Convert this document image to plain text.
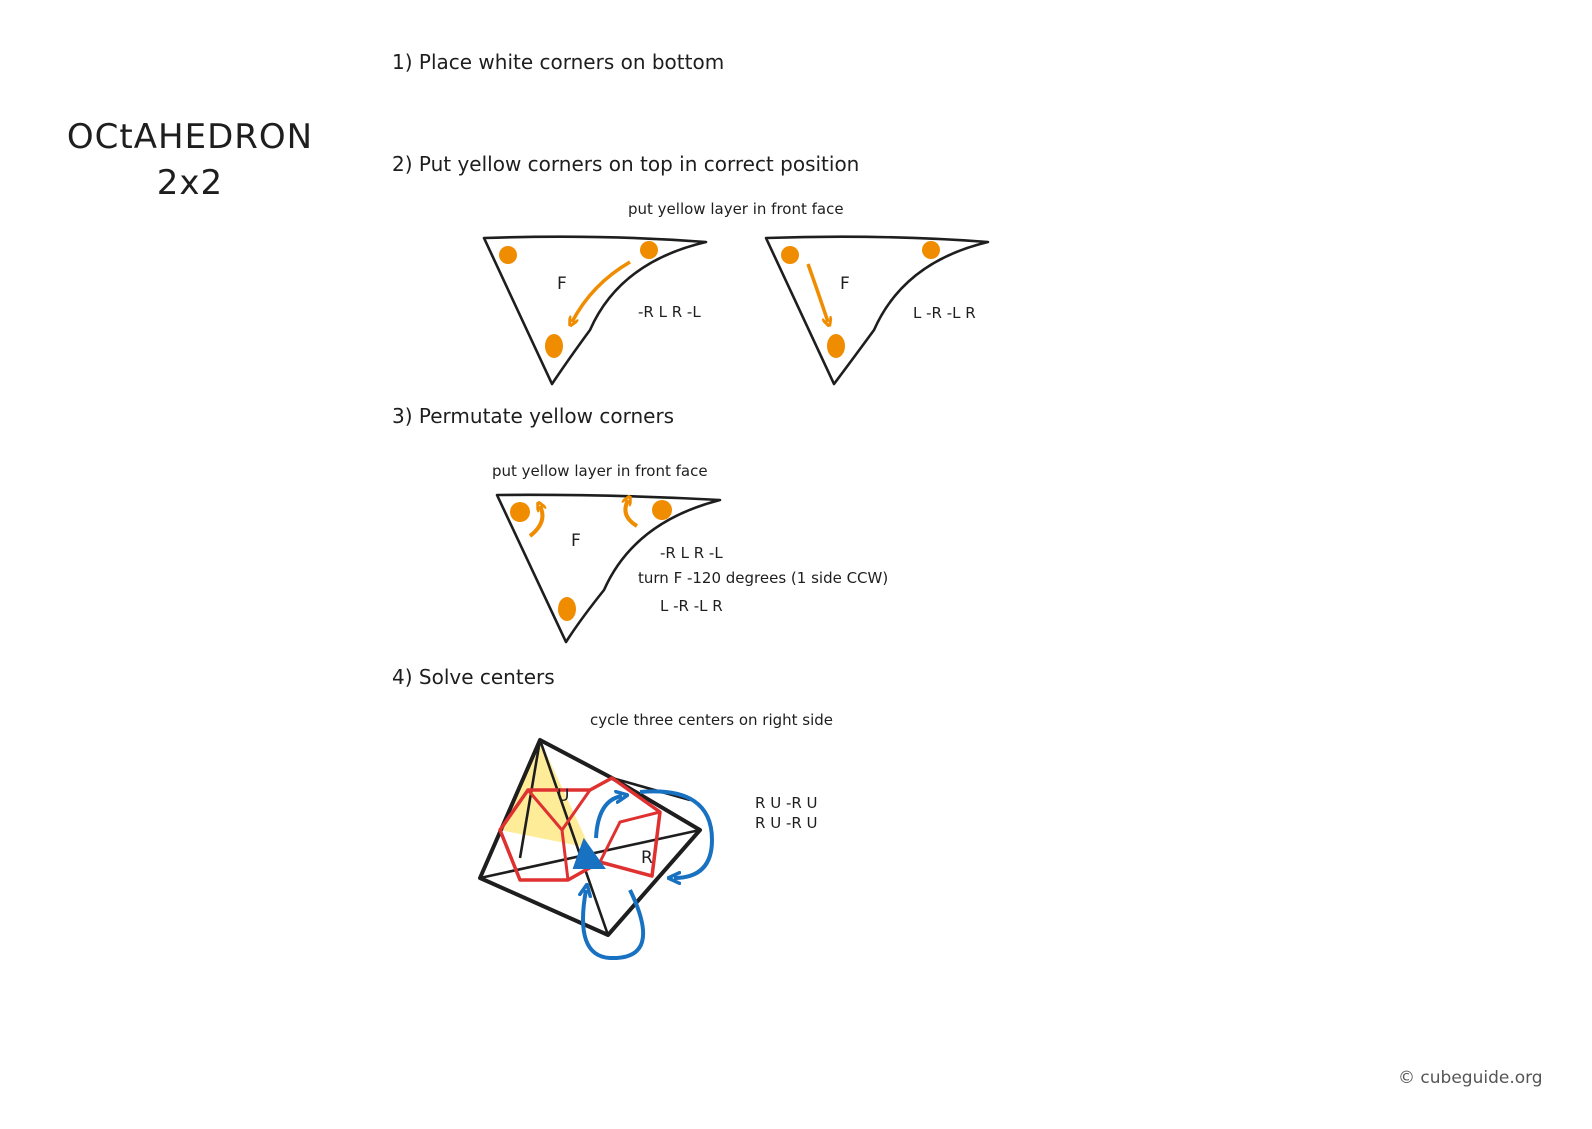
OCtAHEDRON
2x2
1) Place white corners on bottom
2) Put yellow corners on top in correct position
3) Permutate yellow corners
4) Solve centers
put yellow layer in front face
put yellow layer in front face
cycle three centers on right side
-R L R -L	L -R -L R
-R L R -L
turn F -120 degrees (1 side CCW)
L -R -L R
R U -R U
R U -R U
© cubeguide.org
F	F
F
U
R
